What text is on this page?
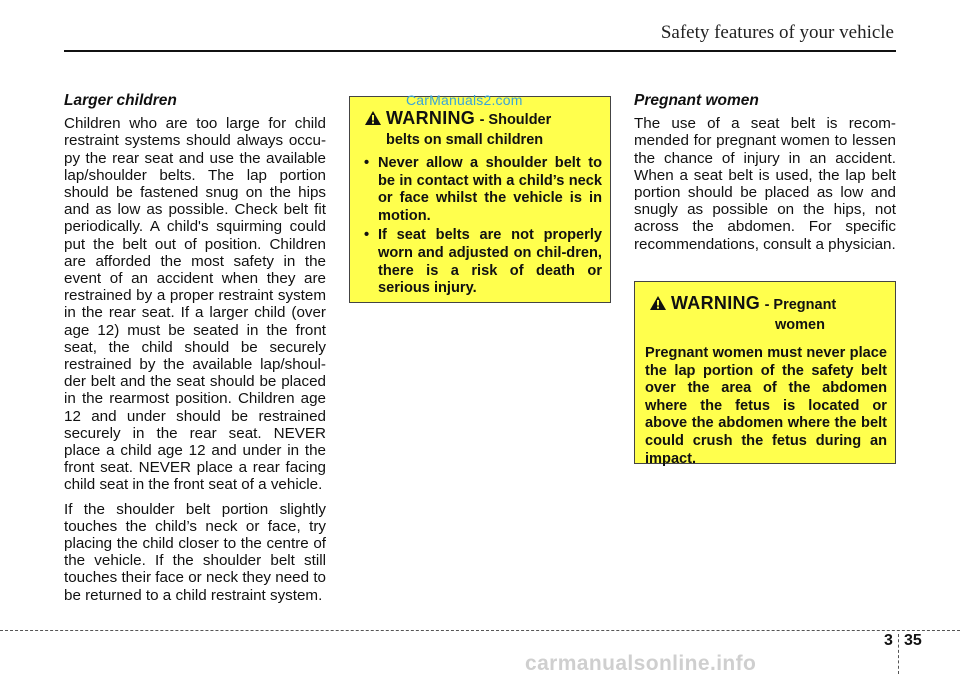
Safety features of your vehicle
Larger children

Children who are too large for child restraint systems should always occu-py the rear seat and use the available lap/shoulder belts. The lap portion should be fastened snug on the hips and as low as possible. Check belt fit periodically. A child's squirming could put the belt out of position. Children are afforded the most safety in the event of an accident when they are restrained by a proper restraint system in the rear seat. If a larger child (over age 12) must be seated in the front seat, the child should be securely restrained by the available lap/shoul-der belt and the seat should be placed in the rearmost position. Children age 12 and under should be restrained securely in the rear seat. NEVER place a child age 12 and under in the front seat. NEVER place a rear facing child seat in the front seat of a vehicle.

If the shoulder belt portion slightly touches the child’s neck or face, try placing the child closer to the centre of the vehicle. If the shoulder belt still touches their face or neck they need to be returned to a child restraint system.

WARNING - Shoulder
belts on small children
• Never allow a shoulder belt to be in contact with a child’s neck or face whilst the vehicle is in motion.
• If seat belts are not properly worn and adjusted on chil-dren, there is a risk of death or serious injury.
CarManuals2.com	Pregnant women

The use of a seat belt is recom-mended for pregnant women to lessen the chance of injury in an accident. When a seat belt is used, the lap belt portion should be placed as low and snugly as possible on the hips, not across the abdomen. For specific recommendations, consult a physician.

WARNING - Pregnant
women

Pregnant women must never place the lap portion of the safety belt over the area of the abdomen where the fetus is located or above the abdomen where the belt could crush the fetus during an impact.

3 35
carmanualsonline.info
